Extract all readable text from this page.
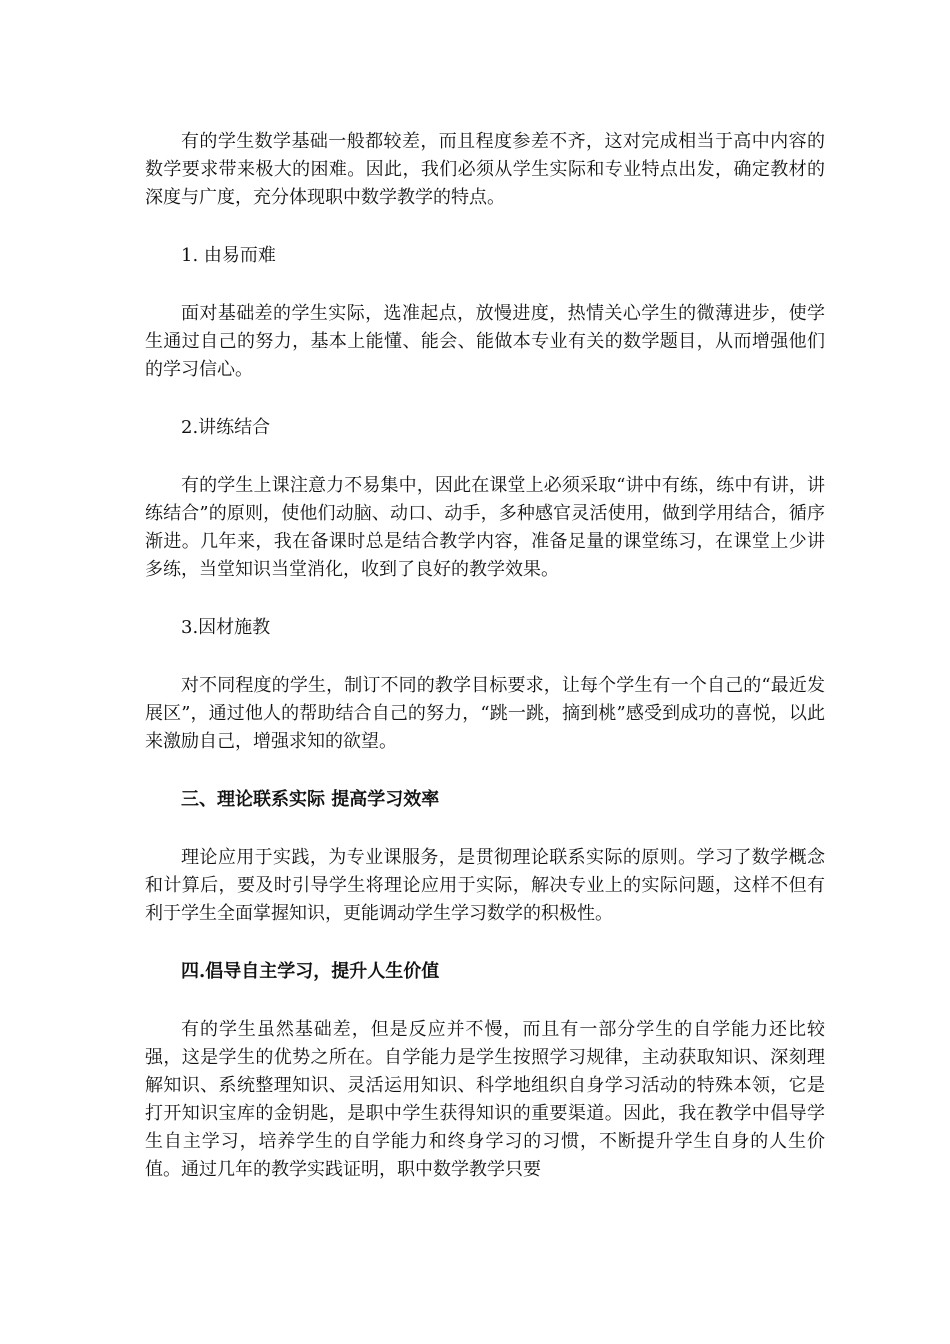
有的学生数学基础一般都较差，而且程度参差不齐，这对完成相当于高中内容的数学要求带来极大的困难。因此，我们必须从学生实际和专业特点出发，确定教材的深度与广度，充分体现职中数学教学的特点。

1. 由易而难

面对基础差的学生实际，选准起点，放慢进度，热情关心学生的微薄进步，使学生通过自己的努力，基本上能懂、能会、能做本专业有关的数学题目，从而增强他们的学习信心。

2.讲练结合

有的学生上课注意力不易集中，因此在课堂上必须采取“讲中有练，练中有讲，讲练结合”的原则，使他们动脑、动口、动手，多种感官灵活使用，做到学用结合，循序渐进。几年来，我在备课时总是结合教学内容，准备足量的课堂练习，在课堂上少讲多练，当堂知识当堂消化，收到了良好的教学效果。

3.因材施教

对不同程度的学生，制订不同的教学目标要求，让每个学生有一个自己的“最近发展区”，通过他人的帮助结合自己的努力，“跳一跳，摘到桃”感受到成功的喜悦，以此来激励自己，增强求知的欲望。

三、理论联系实际 提高学习效率

理论应用于实践，为专业课服务，是贯彻理论联系实际的原则。学习了数学概念和计算后，要及时引导学生将理论应用于实际，解决专业上的实际问题，这样不但有利于学生全面掌握知识，更能调动学生学习数学的积极性。

四.倡导自主学习，提升人生价值

有的学生虽然基础差，但是反应并不慢，而且有一部分学生的自学能力还比较强，这是学生的优势之所在。自学能力是学生按照学习规律，主动获取知识、深刻理解知识、系统整理知识、灵活运用知识、科学地组织自身学习活动的特殊本领，它是打开知识宝库的金钥匙，是职中学生获得知识的重要渠道。因此，我在教学中倡导学生自主学习，培养学生的自学能力和终身学习的习惯，不断提升学生自身的人生价值。通过几年的教学实践证明，职中数学教学只要
